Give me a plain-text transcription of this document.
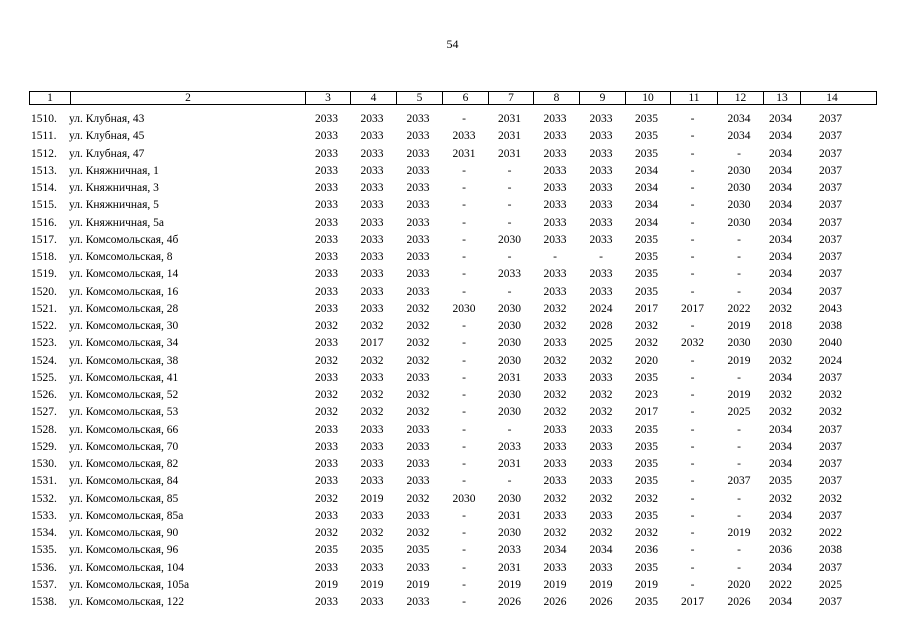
54
1	2	3	4	5	6	7	8	9	10	11	12	13	14
1510.	ул. Клубная, 43	2033	2033	2033	-	2031	2033	2033	2035	-	2034	2034	2037
1511.	ул. Клубная, 45	2033	2033	2033	2033	2031	2033	2033	2035	-	2034	2034	2037
1512.	ул. Клубная, 47	2033	2033	2033	2031	2031	2033	2033	2035	-	-	2034	2037
1513.	ул. Княжничная, 1	2033	2033	2033	-	-	2033	2033	2034	-	2030	2034	2037
1514.	ул. Княжничная, 3	2033	2033	2033	-	-	2033	2033	2034	-	2030	2034	2037
1515.	ул. Княжничная, 5	2033	2033	2033	-	-	2033	2033	2034	-	2030	2034	2037
1516.	ул. Княжничная, 5а	2033	2033	2033	-	-	2033	2033	2034	-	2030	2034	2037
1517.	ул. Комсомольская, 4б	2033	2033	2033	-	2030	2033	2033	2035	-	-	2034	2037
1518.	ул. Комсомольская, 8	2033	2033	2033	-	-	-	-	2035	-	-	2034	2037
1519.	ул. Комсомольская, 14	2033	2033	2033	-	2033	2033	2033	2035	-	-	2034	2037
1520.	ул. Комсомольская, 16	2033	2033	2033	-	-	2033	2033	2035	-	-	2034	2037
1521.	ул. Комсомольская, 28	2033	2033	2032	2030	2030	2032	2024	2017	2017	2022	2032	2043
1522.	ул. Комсомольская, 30	2032	2032	2032	-	2030	2032	2028	2032	-	2019	2018	2038
1523.	ул. Комсомольская, 34	2033	2017	2032	-	2030	2033	2025	2032	2032	2030	2030	2040
1524.	ул. Комсомольская, 38	2032	2032	2032	-	2030	2032	2032	2020	-	2019	2032	2024
1525.	ул. Комсомольская, 41	2033	2033	2033	-	2031	2033	2033	2035	-	-	2034	2037
1526.	ул. Комсомольская, 52	2032	2032	2032	-	2030	2032	2032	2023	-	2019	2032	2032
1527.	ул. Комсомольская, 53	2032	2032	2032	-	2030	2032	2032	2017	-	2025	2032	2032
1528.	ул. Комсомольская, 66	2033	2033	2033	-	-	2033	2033	2035	-	-	2034	2037
1529.	ул. Комсомольская, 70	2033	2033	2033	-	2033	2033	2033	2035	-	-	2034	2037
1530.	ул. Комсомольская, 82	2033	2033	2033	-	2031	2033	2033	2035	-	-	2034	2037
1531.	ул. Комсомольская, 84	2033	2033	2033	-	-	2033	2033	2035	-	2037	2035	2037
1532.	ул. Комсомольская, 85	2032	2019	2032	2030	2030	2032	2032	2032	-	-	2032	2032
1533.	ул. Комсомольская, 85а	2033	2033	2033	-	2031	2033	2033	2035	-	-	2034	2037
1534.	ул. Комсомольская, 90	2032	2032	2032	-	2030	2032	2032	2032	-	2019	2032	2022
1535.	ул. Комсомольская, 96	2035	2035	2035	-	2033	2034	2034	2036	-	-	2036	2038
1536.	ул. Комсомольская, 104	2033	2033	2033	-	2031	2033	2033	2035	-	-	2034	2037
1537.	ул. Комсомольская, 105а	2019	2019	2019	-	2019	2019	2019	2019	-	2020	2022	2025
1538.	ул. Комсомольская, 122	2033	2033	2033	-	2026	2026	2026	2035	2017	2026	2034	2037
